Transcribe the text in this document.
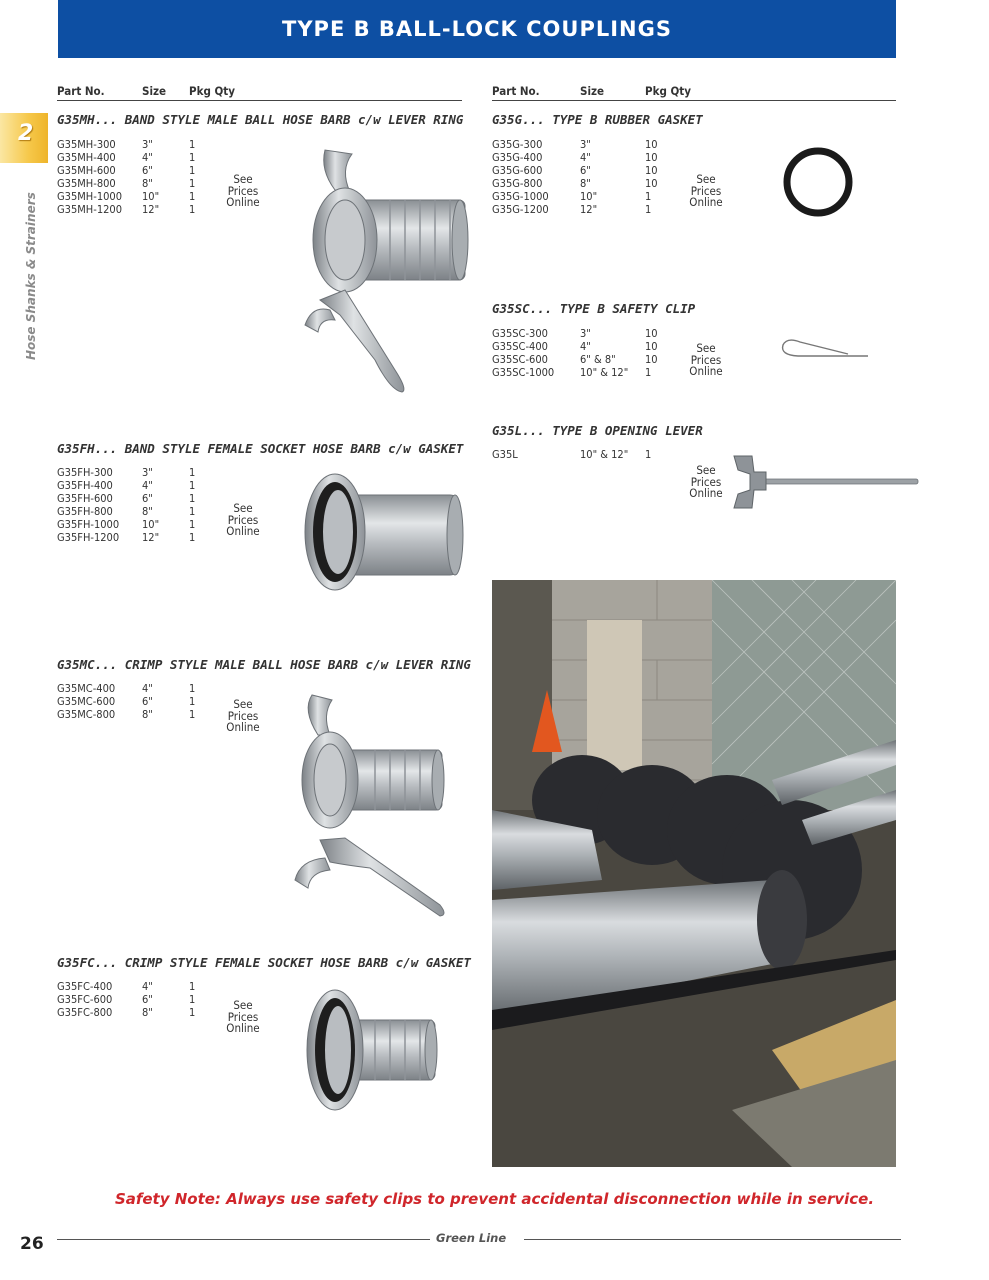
TYPE B BALL-LOCK COUPLINGS
2
Hose Shanks & Strainers
Part No.	Size Pkg Qty	Part No.	Size	Pkg Qty
G35MH... BAND STYLE MALE BALL HOSE BARB c/w LEVER RING
G35MH-300 3"	1
G35MH-400 4"	1
G35MH-600 6"	1
G35MH-800 8"	1
G35MH-1000 10"	1
G35MH-1200 12"	1
See
Prices
Online
G35FH... BAND STYLE FEMALE SOCKET HOSE BARB c/w GASKET
G35FH-300	3"	1
G35FH-400	4"	1
G35FH-600	6"	1
G35FH-800	8"	1
G35FH-1000 10"	1
G35FH-1200 12"	1
See
Prices
Online
G35MC... CRIMP STYLE MALE BALL HOSE BARB c/w LEVER RING
G35MC-400 4"	1
G35MC-600 6"	1
G35MC-800 8"	1
See
Prices
Online
G35FC... CRIMP STYLE FEMALE SOCKET HOSE BARB c/w GASKET
G35FC-400	4"	1
G35FC-600	6"	1
G35FC-800	8"	1
See
Prices
Online
G35G... TYPE B RUBBER GASKET
G35G-300	3"	10
G35G-400	4"	10
G35G-600	6"	10
G35G-800	8"	10
G35G-1000	10"	1
G35G-1200	12"	1
See
Prices
Online
G35SC... TYPE B SAFETY CLIP
G35SC-300	3"	10
G35SC-400	4"	10
G35SC-600	6" & 8"	10
G35SC-1000 10" & 12" 1
See
Prices
Online
G35L... TYPE B OPENING LEVER
G35L	10" & 12" 1
See
Prices
Online
Safety Note: Always use safety clips to prevent accidental disconnection while in service.
26	Green Line
